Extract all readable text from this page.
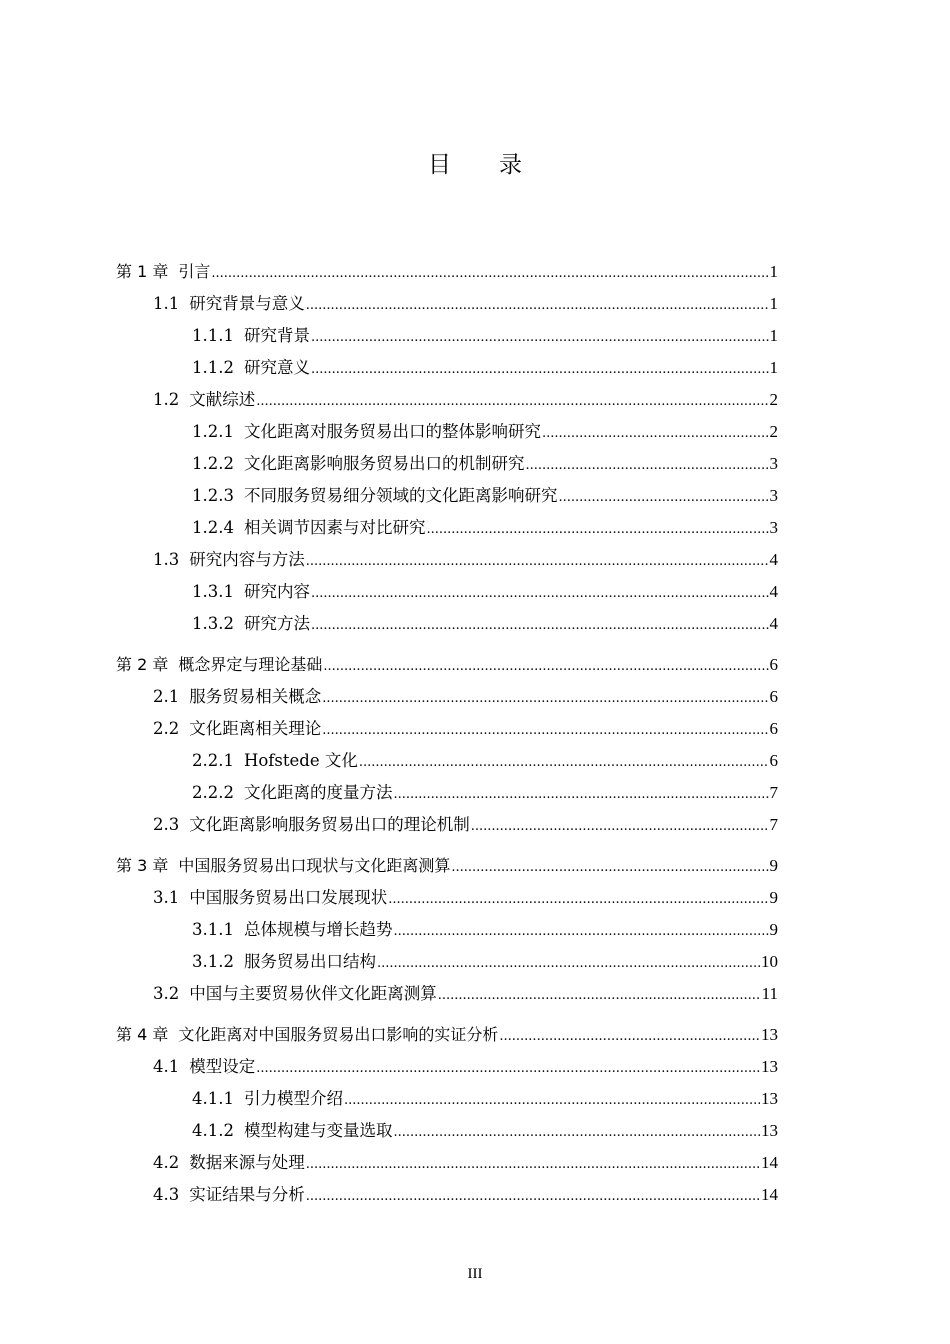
目 录
第 1 章 引言 .....	1
1.1 研究背景与意义 .....	1
1.1.1 研究背景 .....	1
1.1.2 研究意义 .....	1
1.2 文献综述 .....	2
1.2.1 文化距离对服务贸易出口的整体影响研究 .....	2
1.2.2 文化距离影响服务贸易出口的机制研究 .....	3
1.2.3 不同服务贸易细分领域的文化距离影响研究 .....	3
1.2.4 相关调节因素与对比研究 .....	3
1.3 研究内容与方法 .....	4
1.3.1 研究内容 .....	4
1.3.2 研究方法 .....	4
第 2 章 概念界定与理论基础 .....	6
2.1 服务贸易相关概念 .....	6
2.2 文化距离相关理论 .....	6
2.2.1 Hofstede 文化 .....	6
2.2.2 文化距离的度量方法 .....	7
2.3 文化距离影响服务贸易出口的理论机制 .....	7
第 3 章 中国服务贸易出口现状与文化距离测算 .....	9
3.1 中国服务贸易出口发展现状 .....	9
3.1.1 总体规模与增长趋势 .....	9
3.1.2 服务贸易出口结构 .....	10
3.2 中国与主要贸易伙伴文化距离测算 .....	11
第 4 章 文化距离对中国服务贸易出口影响的实证分析 .....	13
4.1 模型设定 .....	13
4.1.1 引力模型介绍 .....	13
4.1.2 模型构建与变量选取 .....	13
4.2 数据来源与处理 .....	14
4.3 实证结果与分析 .....	14
III
